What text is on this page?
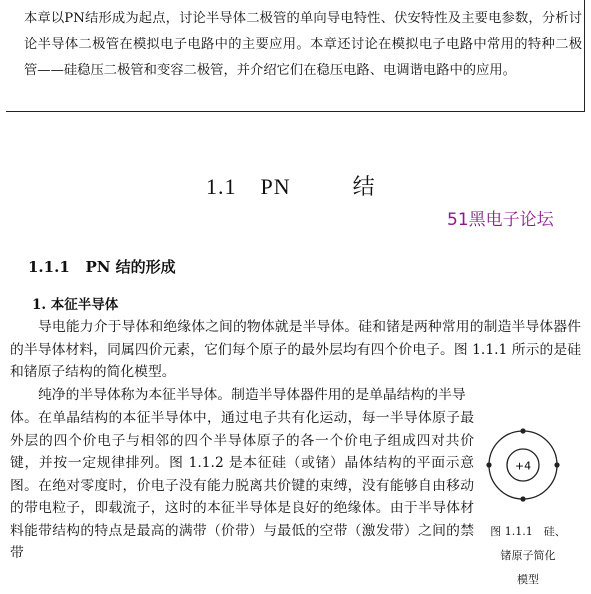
本章以PN结形成为起点，讨论半导体二极管的单向导电特性、伏安特性及主要电参数，分析讨论半导体二极管在模拟电子电路中的主要应用。本章还讨论在模拟电子电路中常用的特种二极管——硅稳压二极管和变容二极管，并介绍它们在稳压电路、电调谐电路中的应用。
1.1 PN	结
51黑电子论坛
1.1.1 PN 结的形成
1. 本征半导体
导电能力介于导体和绝缘体之间的物体就是半导体。硅和锗是两种常用的制造半导体器件的半导体材料，同属四价元素，它们每个原子的最外层均有四个价电子。图 1.1.1 所示的是硅和锗原子结构的简化模型。
纯净的半导体称为本征半导体。制造半导体器件用的是单晶结构的半导
体。在单晶结构的本征半导体中，通过电子共有化运动，每一半导体原子最外层的四个价电子与相邻的四个半导体原子的各一个价电子组成四对共价键，并按一定规律排列。图 1.1.2 是本征硅（或锗）晶体结构的平面示意图。在绝对零度时，价电子没有能力脱离共价键的束缚，没有能够自由移动的带电粒子，即载流子，这时的本征半导体是良好的绝缘体。由于半导体材料能带结构的特点是最高的满带（价带）与最低的空带（激发带）之间的禁带
+4
图 1.1.1　硅、
锗原子简化
模型
